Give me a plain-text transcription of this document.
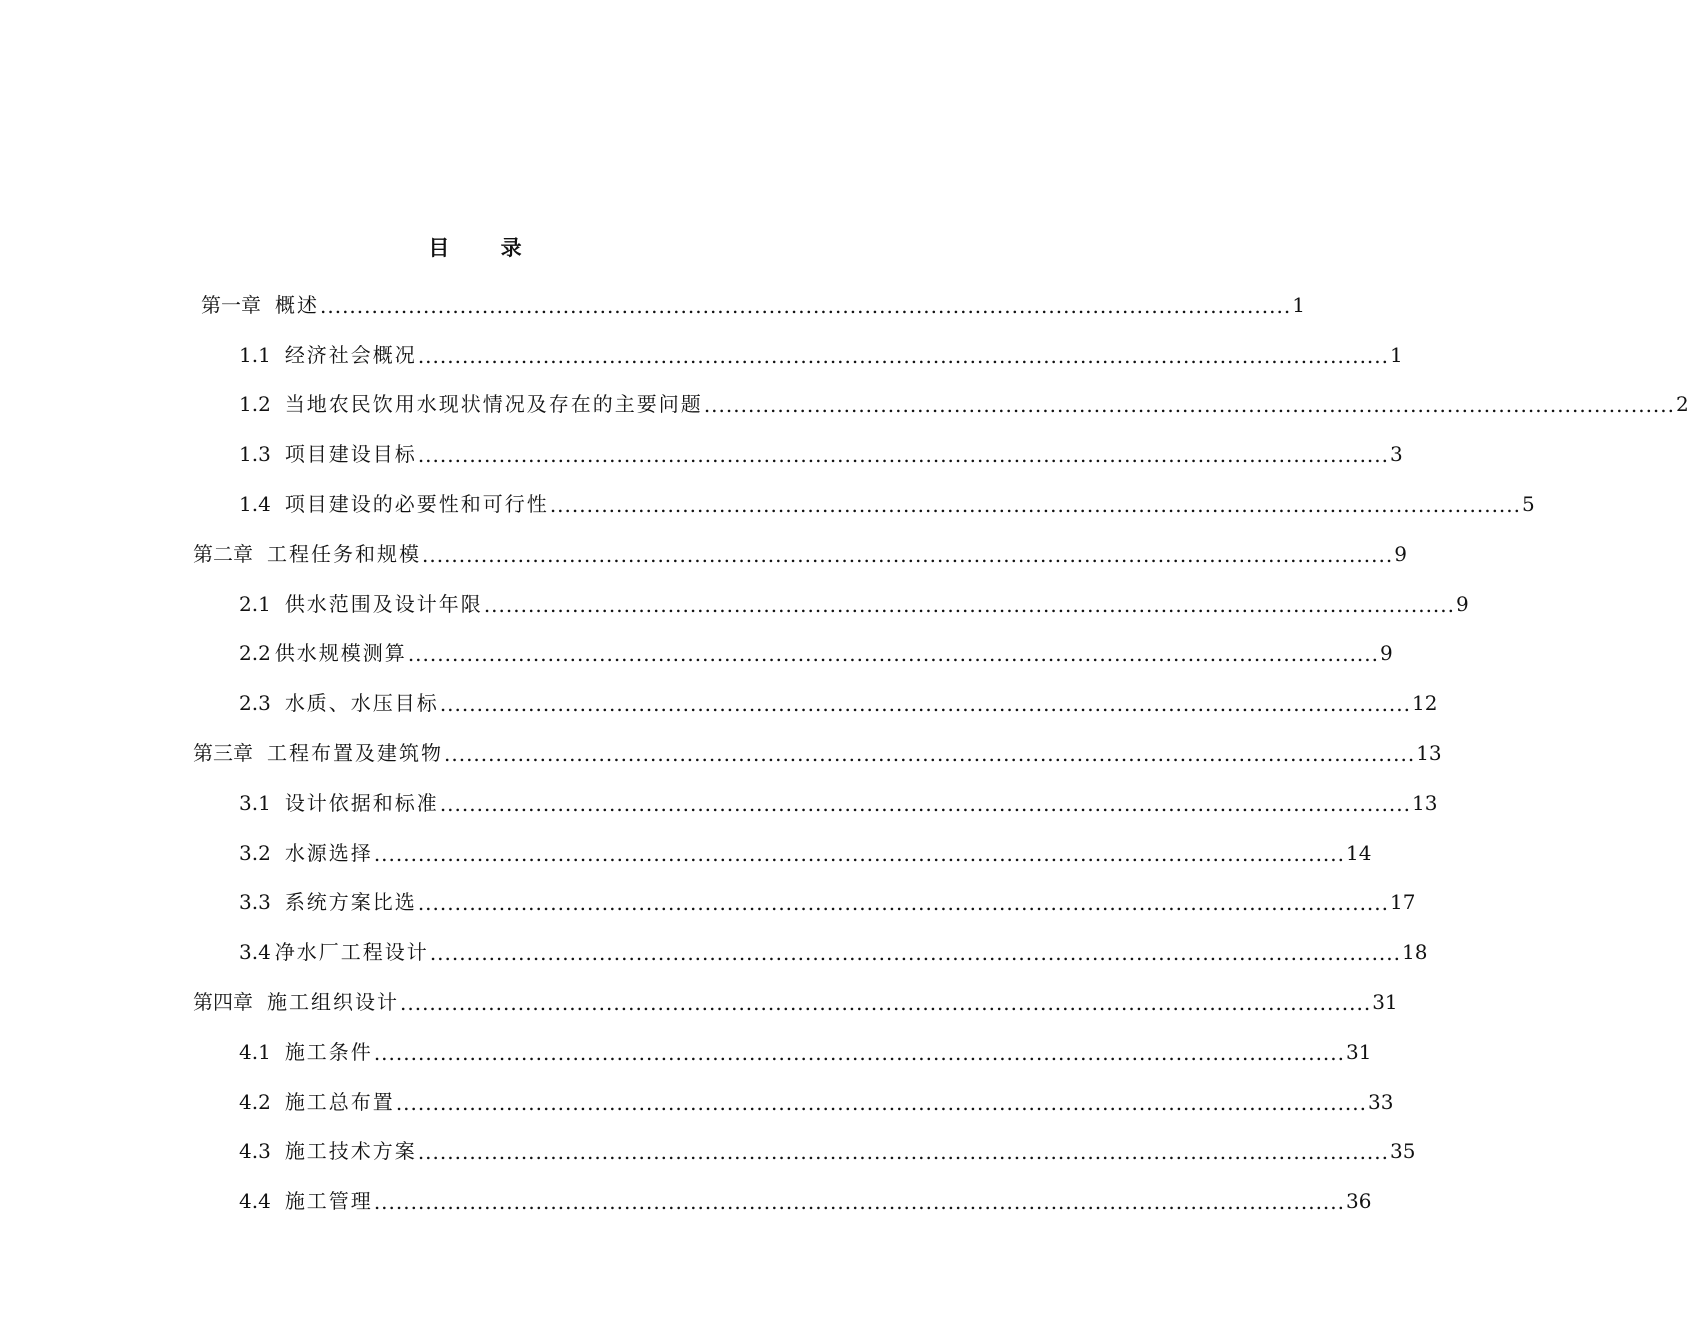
目 录
第一章 概述 .................................................................................................................................... 1
1.1 经济社会概况 .................................................................................................................................... 1
1.2 当地农民饮用水现状情况及存在的主要问题 .................................................................................................................................... 2
1.3 项目建设目标 .................................................................................................................................... 3
1.4 项目建设的必要性和可行性 .................................................................................................................................... 5
第二章 工程任务和规模 .................................................................................................................................... 9
2.1 供水范围及设计年限 .................................................................................................................................... 9
2.2 供水规模测算 .................................................................................................................................... 9
2.3 水质、水压目标 .................................................................................................................................... 12
第三章 工程布置及建筑物 .................................................................................................................................... 13
3.1 设计依据和标准 .................................................................................................................................... 13
3.2 水源选择 .................................................................................................................................... 14
3.3 系统方案比选 .................................................................................................................................... 17
3.4 净水厂工程设计 .................................................................................................................................... 18
第四章 施工组织设计 .................................................................................................................................... 31
4.1 施工条件 .................................................................................................................................... 31
4.2 施工总布置 .................................................................................................................................... 33
4.3 施工技术方案 .................................................................................................................................... 35
4.4 施工管理 .................................................................................................................................... 36
